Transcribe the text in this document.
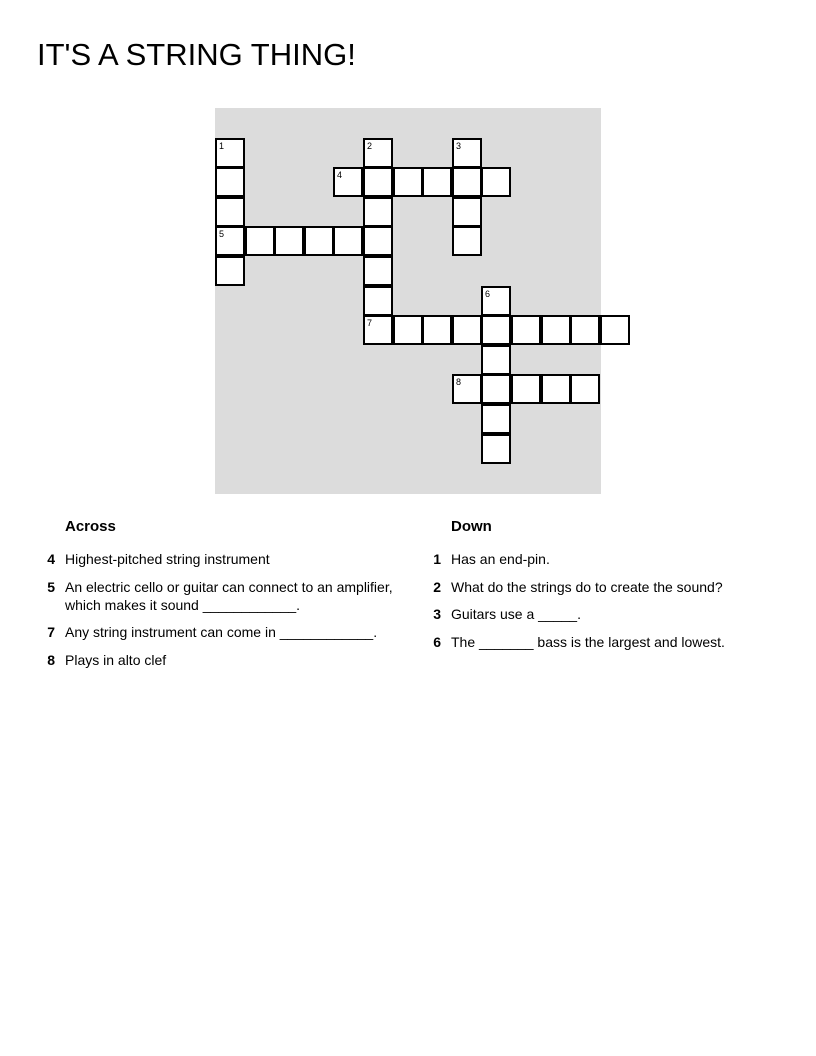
IT'S A STRING THING!
1
5
2
7
3
4
6
8
Across	Down
4 Highest-pitched string instrument
5 An electric cello or guitar can connect to an amplifier, which makes it sound ____________.
7 Any string instrument can come in ____________.
8 Plays in alto clef
1 Has an end-pin.
2 What do the strings do to create the sound?
3 Guitars use a _____.
6 The _______ bass is the largest and lowest.
